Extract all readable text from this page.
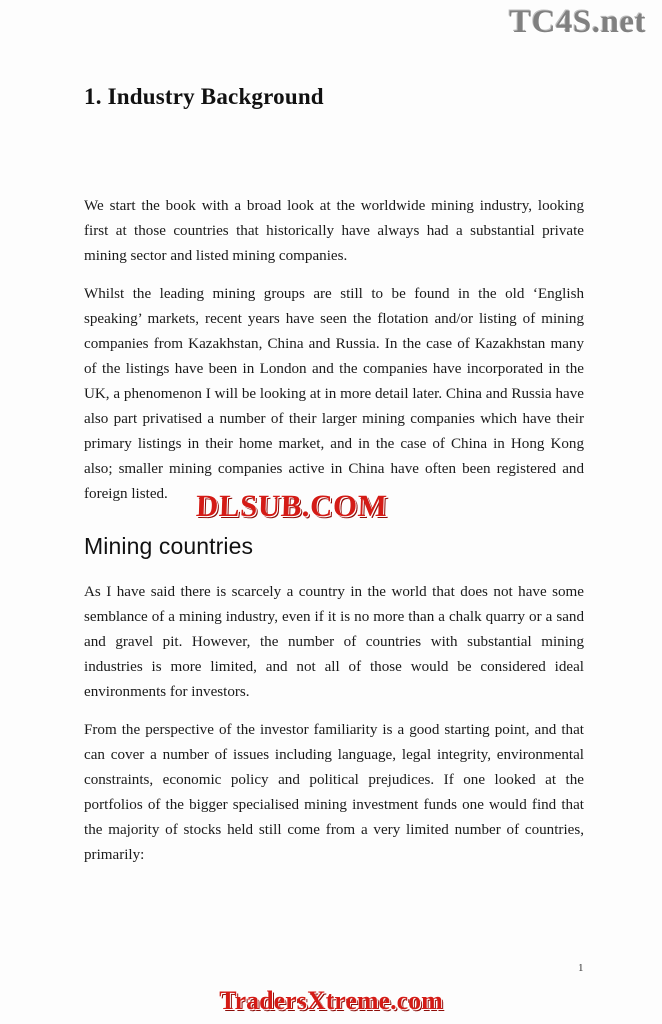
TC4S.net
1. Industry Background

We start the book with a broad look at the worldwide mining industry, looking first at those countries that historically have always had a substantial private mining sector and listed mining companies.

Whilst the leading mining groups are still to be found in the old ‘English speaking’ markets, recent years have seen the flotation and/or listing of mining companies from Kazakhstan, China and Russia. In the case of Kazakhstan many of the listings have been in London and the companies have incorporated in the UK, a phenomenon I will be looking at in more detail later. China and Russia have also part privatised a number of their larger mining companies which have their primary listings in their home market, and in the case of China in Hong Kong also; smaller mining companies active in China have often been registered and foreign listed.

Mining countries

As I have said there is scarcely a country in the world that does not have some semblance of a mining industry, even if it is no more than a chalk quarry or a sand and gravel pit. However, the number of countries with substantial mining industries is more limited, and not all of those would be considered ideal environments for investors.

From the perspective of the investor familiarity is a good starting point, and that can cover a number of issues including language, legal integrity, environmental constraints, economic policy and political prejudices. If one looked at the portfolios of the bigger specialised mining investment funds one would find that the majority of stocks held still come from a very limited number of countries, primarily:

DLSUB.COM
1
TradersXtreme.com
